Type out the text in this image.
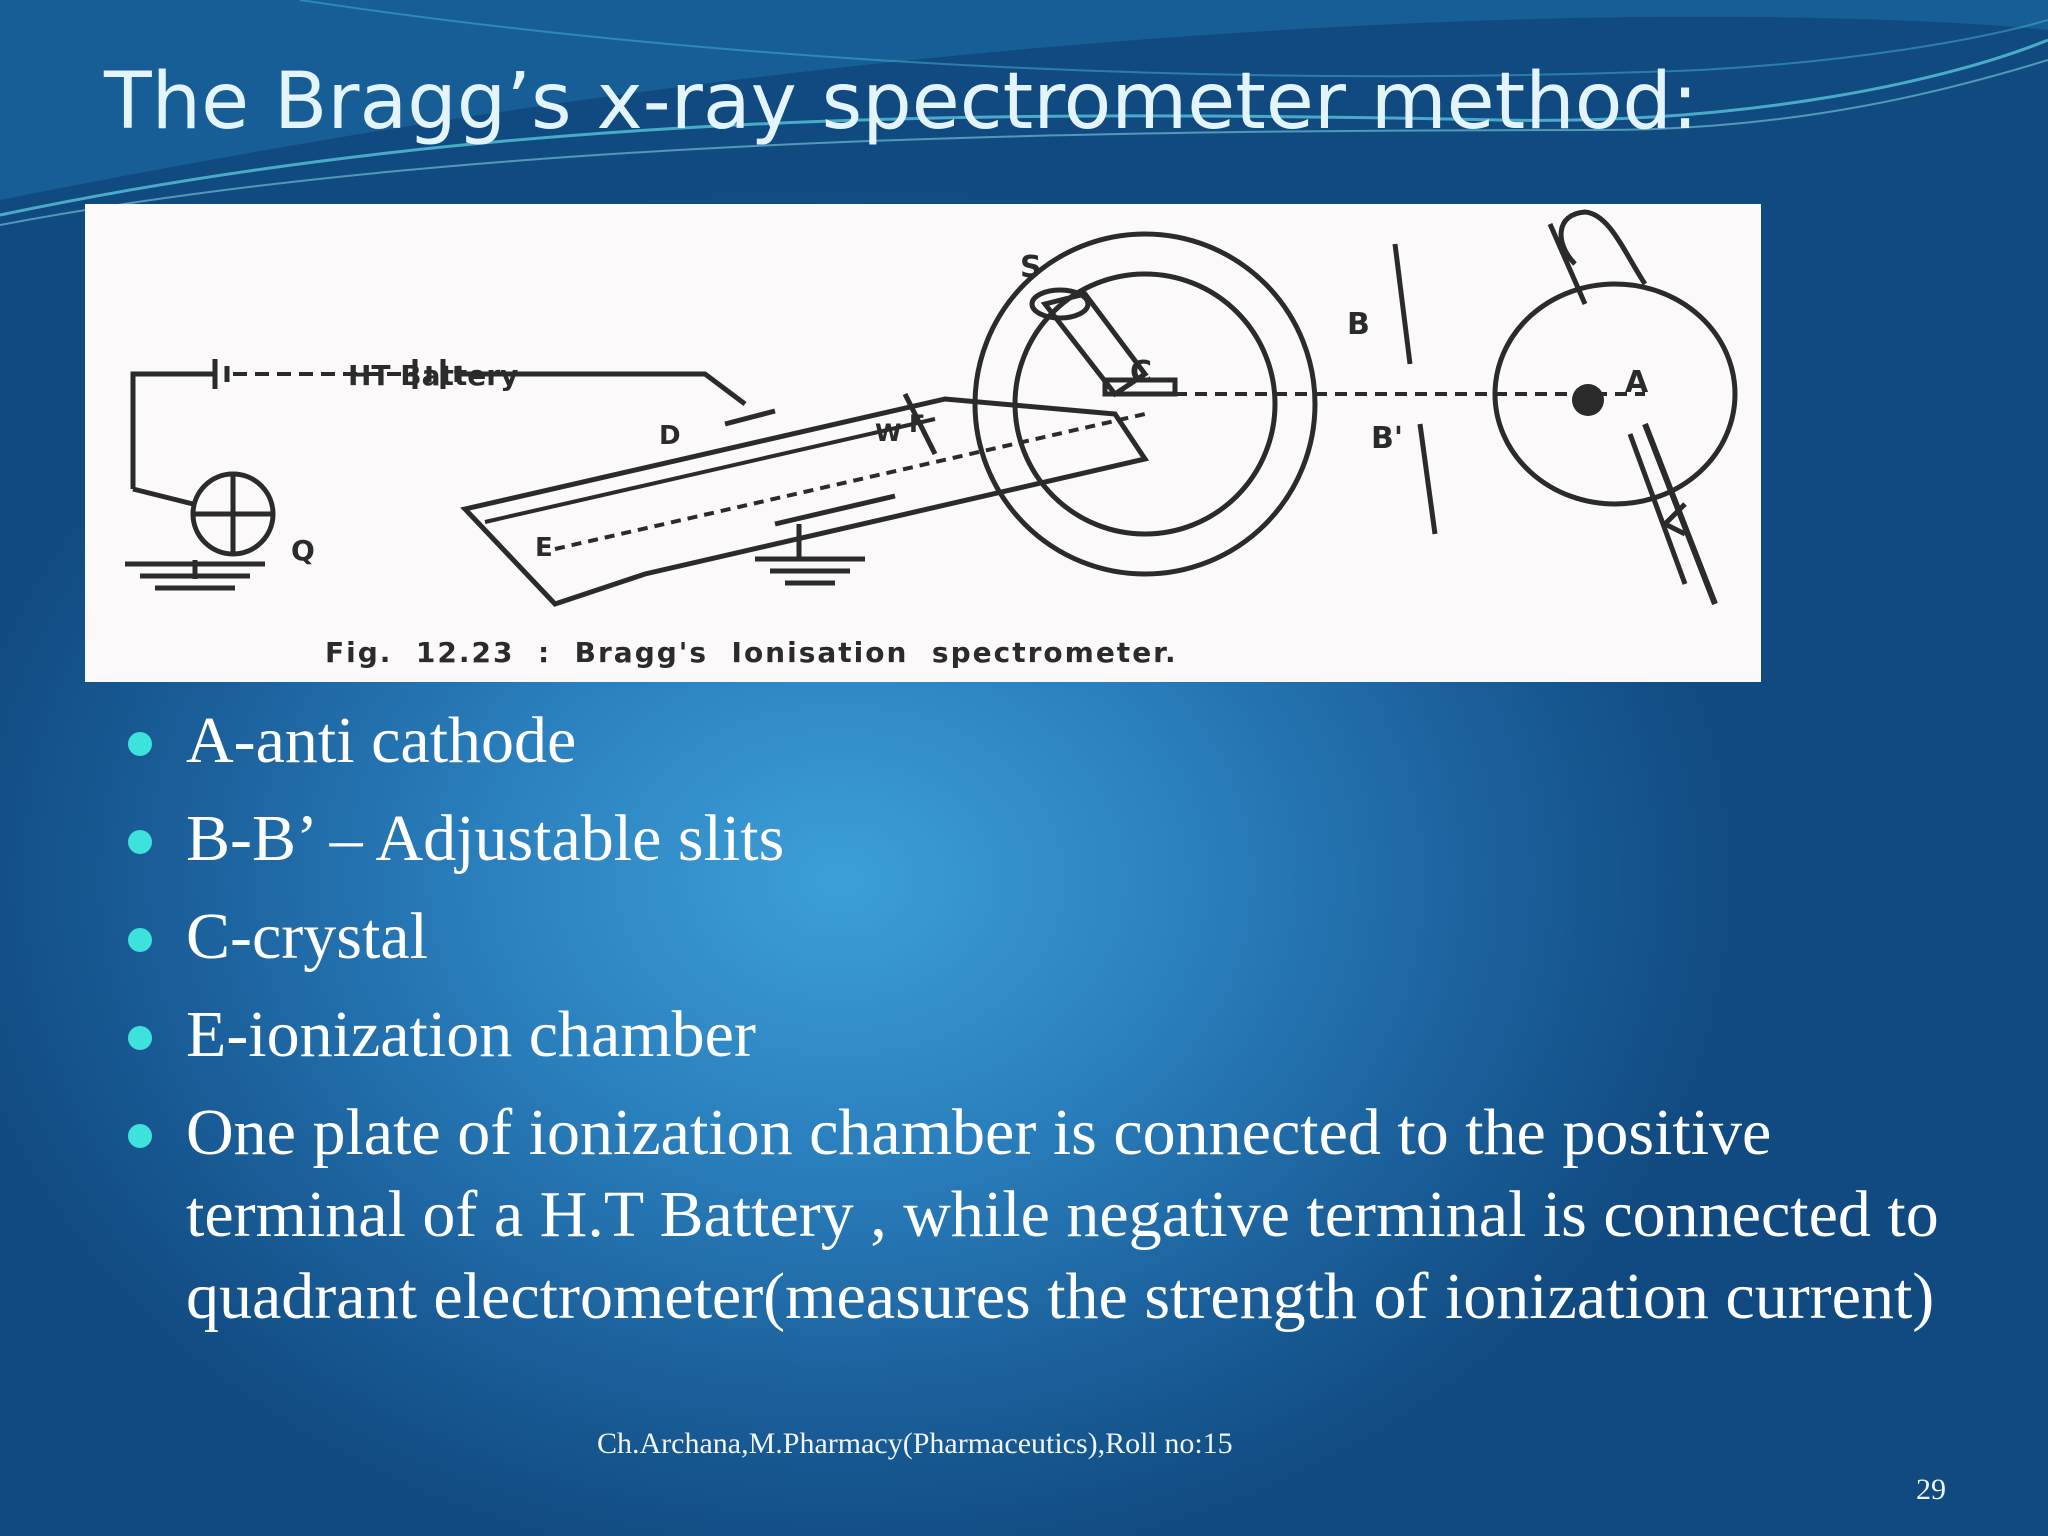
The Bragg’s x-ray spectrometer method:
HT Battery
S
C
B
B'
A
D	W F
E
Q
Fig.  12.23  :  Bragg's  Ionisation  spectrometer.
A-anti cathode
B-B’ – Adjustable slits
C-crystal
E-ionization chamber
One plate of ionization chamber is connected to the positive terminal of a H.T Battery , while negative terminal is connected to quadrant electrometer(measures the strength of ionization current)
Ch.Archana,M.Pharmacy(Pharmaceutics),Roll no:15
29
